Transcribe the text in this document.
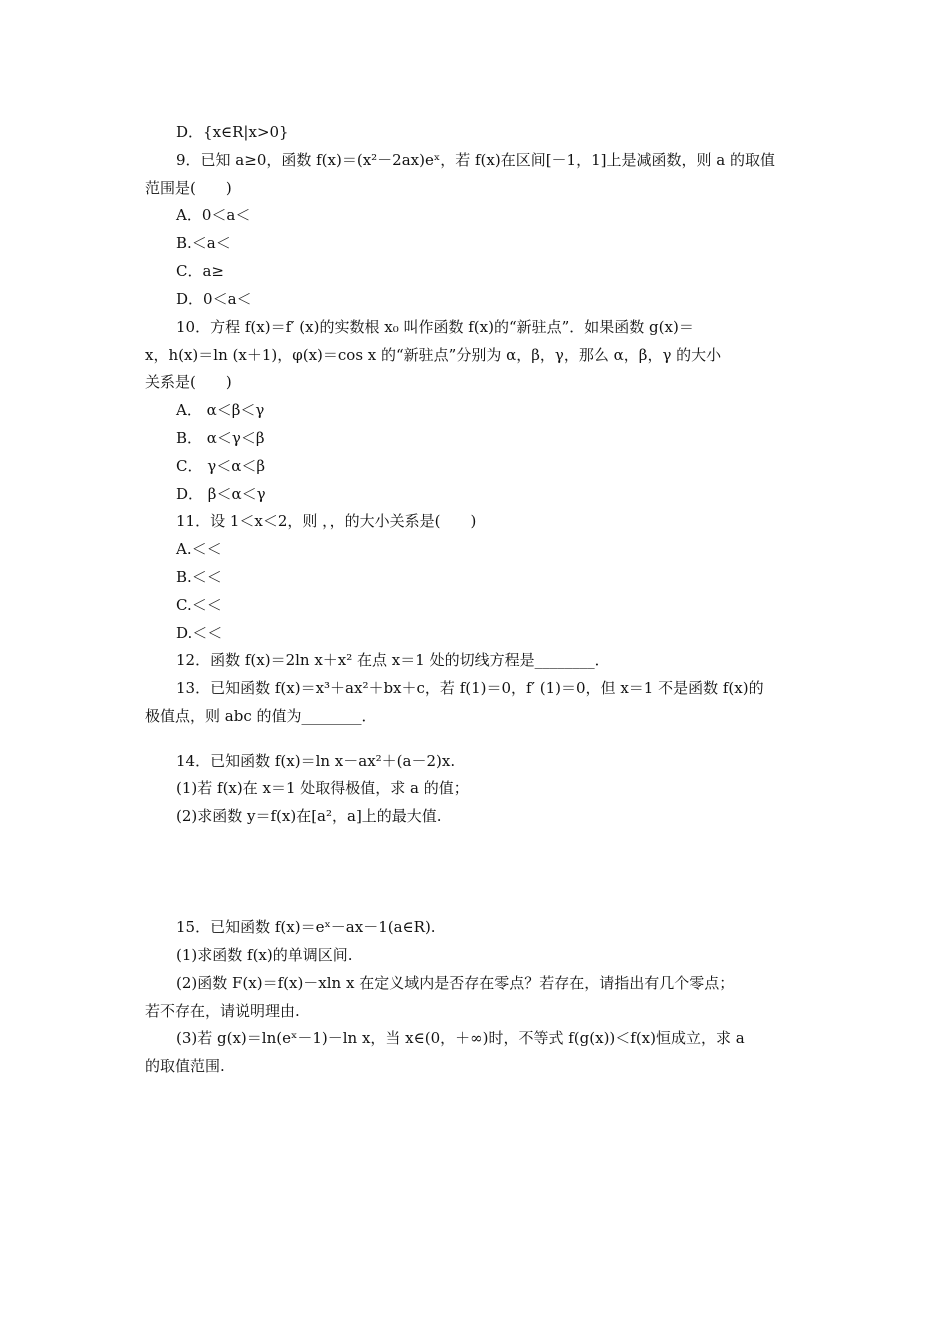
D．{x∈R|x>0}
9．已知 a≥0，函数 f(x)＝(x²－2ax)eˣ，若 f(x)在区间[－1，1]上是减函数，则 a 的取值
范围是(　　)
A．0＜a＜
B.＜a＜
C．a≥
D．0＜a＜
10．方程 f(x)＝f′ (x)的实数根 x₀ 叫作函数 f(x)的“新驻点”．如果函数 g(x)＝
x，h(x)＝ln (x＋1)，φ(x)＝cos x 的“新驻点”分别为 α，β，γ，那么 α，β，γ 的大小
关系是(　　)
A． α＜β＜γ
B． α＜γ＜β
C． γ＜α＜β
D． β＜α＜γ
11．设 1＜x＜2，则 ，，的大小关系是(　　)
A.＜＜
B.＜＜
C.＜＜
D.＜＜
12．函数 f(x)＝2ln x＋x² 在点 x＝1 处的切线方程是________．
13．已知函数 f(x)＝x³＋ax²＋bx＋c，若 f(1)＝0，f′ (1)＝0，但 x＝1 不是函数 f(x)的
极值点，则 abc 的值为________．
14．已知函数 f(x)＝ln x－ax²＋(a－2)x.
(1)若 f(x)在 x＝1 处取得极值，求 a 的值；
(2)求函数 y＝f(x)在[a²，a]上的最大值.
15．已知函数 f(x)＝eˣ－ax－1(a∈R).
(1)求函数 f(x)的单调区间.
(2)函数 F(x)＝f(x)－xln x 在定义域内是否存在零点？若存在，请指出有几个零点；
若不存在，请说明理由.
(3)若 g(x)＝ln(eˣ－1)－ln x，当 x∈(0，＋∞)时，不等式 f(g(x))＜f(x)恒成立，求 a
的取值范围.
